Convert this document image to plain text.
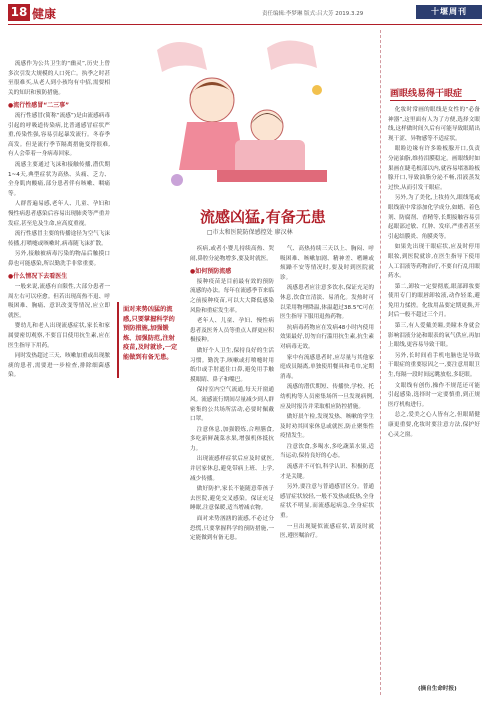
18 健康	责任编辑:李梦琳 版式:吕大芳 2019.3.29	十堰周刊

流感作为公共卫生的“幽灵”,历史上曾多次引发大规模的人口死亡。执季之时甚至很难买,从老人到小孩均有中招,需要相关的知识和预防措施。

●流行性感冒“二三事”

流行性感冒(简称“流感”)是由流感病毒引起的呼吸道传染病,比普通感冒症状严重,传染性强,容易引起暴发流行。冬春季高发。但是流行季节隔离措施变得很难,有人会带着一身病毒回家。

流感主要通过飞沫和接触传播,潜伏期1~4天,典型症状为高热、头痛、乏力、全身肌肉酸痛,部分患者伴有咳嗽、咽痛等。

人群普遍易感,老年人、儿童、孕妇和慢性病患者感染后容易出现肺炎等严重并发症,甚至危及生命,应高度重视。

流行性感冒主要的传播途径为空气飞沫传播,打喷嚏或咳嗽时,病毒随飞沫扩散。

另外,接触被病毒污染的物品后触摸口鼻也可能感染,所以勤洗手非常重要。

●什么情况下去看医生

一般来说,流感有自限性,大部分患者一周左右可以痊愈。但若出现高热不退、呼吸困难、胸痛、意识改变等情况,应立即就医。

婴幼儿和老人出现流感症状,家长和家属要密切观察,不要盲目使用抗生素,应在医生指导下用药。

同时发热超过三天、咳嗽加重或出现脓痰的患者,需要进一步检查,排除细菌感染。

流感凶猛,有备无患
□市太和医院防保感控处 廖汉林
面对来势凶猛的流感,只要掌握科学的预防措施,加强锻炼、加强防范,注射疫苗,及时就诊,一定能做到有备无患。

疾病,或者小婴儿持续高热、哭闹,鼻腔分泌物增多,要及时就医。

●如何预防流感

接种疫苗是目前最有效的预防流感的办法。每年在流感季节来临之前接种疫苗,可以大大降低感染风险和重症发生率。

老年人、儿童、孕妇、慢性病患者及医务人员等重点人群更应积极接种。

做好个人卫生,保持良好的生活习惯。勤洗手,咳嗽或打喷嚏时用纸巾或手肘遮住口鼻,避免用手触摸眼睛、鼻子和嘴巴。

保持室内空气流通,每天开窗通风。流感流行期间尽量减少到人群密集的公共场所活动,必要时佩戴口罩。

注意休息,加强锻炼,合理膳食,多吃新鲜蔬菜水果,增强机体抵抗力。

出现流感样症状后应及时就医,并居家休息,避免带病上班、上学,减少传播。

做好防护,家长不能随意带孩子去医院,避免交叉感染。保证充足睡眠,注意保暖,适当增减衣物。

面对来势汹汹的流感,不必过分恐慌,只要掌握科学的预防措施,一定能做到有备无患。

气、高热持续三天以上、胸闷、呼吸困难、咳嗽加剧、精神差、嗜睡或烦躁不安等情况时,要及时到医院就诊。

流感患者应注意多饮水,保证充足的休息,饮食宜清淡、易消化。发热时可以采用物理降温,体温超过38.5℃可在医生指导下服用退热药物。

抗病毒药物应在发病48小时内使用效果最好,切勿自行滥用抗生素,抗生素对病毒无效。

家中有流感患者时,应尽量与其他家庭成员隔离,单独使用餐具和毛巾,定期消毒。

流感的潜伏期短、传播快,学校、托幼机构等人员密集场所一旦发现病例,应及时报告并采取相应防控措施。

做好晨午检,发现发热、咳嗽的学生及时劝其回家休息或就医,防止聚集性疫情发生。

注意饮食,多喝水,多吃蔬菜水果,适当运动,保持良好的心态。

流感并不可怕,科学认识、积极防范才是关键。

另外,要注意与普通感冒区分。普通感冒症状较轻,一般不发热或低热,全身症状不明显,而流感起病急,全身症状重。

一旦出现疑似流感症状,请及时就医,遵医嘱治疗。

画眼线易得干眼症

化妆时常画的眼线是女性的“必备神器”,这里面有人为了方便,选择文眼线,这样做时间久后有可能导致眼睛出现干涩、异物感等不适症状。

眼睑边缘有许多睑板腺开口,负责分泌油脂,维持泪膜稳定。画眼线时如果画在睫毛根部以内,就容易堵塞睑板腺开口,导致油脂分泌不畅,泪液蒸发过快,从而引发干眼症。

另外,为了美化,上妆持久,眼线笔或眼线液中常添加化学成分,如蜡、着色剂、防腐剂、香精等,长期接触容易引起眼部过敏、红肿、发痒,严重者甚至引起结膜炎、角膜炎等。

如果先出现干眼症状,应及时停用眼妆,到医院就诊,在医生指导下使用人工泪液等药物治疗,不要自行乱用眼药水。

第二,卸妆一定要彻底,眼部卸妆要使用专门的眼唇卸妆液,动作轻柔,避免用力揉搓。化妆用品要定期更换,开封后一般不超过三个月。

第三,有人爱戴美瞳,美瞳本身就会影响泪液分泌和眼表的氧气供应,再加上眼线,更容易导致干眼。

另外,长时间看手机电脑也是导致干眼症的重要原因之一,要注意用眼卫生,每隔一段时间远眺放松,多眨眼。

文眼线有创伤,操作不规范还可能引起感染,选择时一定要慎重,到正规医疗机构进行。

总之,爱美之心人皆有之,但眼睛健康更重要,化妆时要注意方法,保护好心灵之窗。

(摘自生命时报)
